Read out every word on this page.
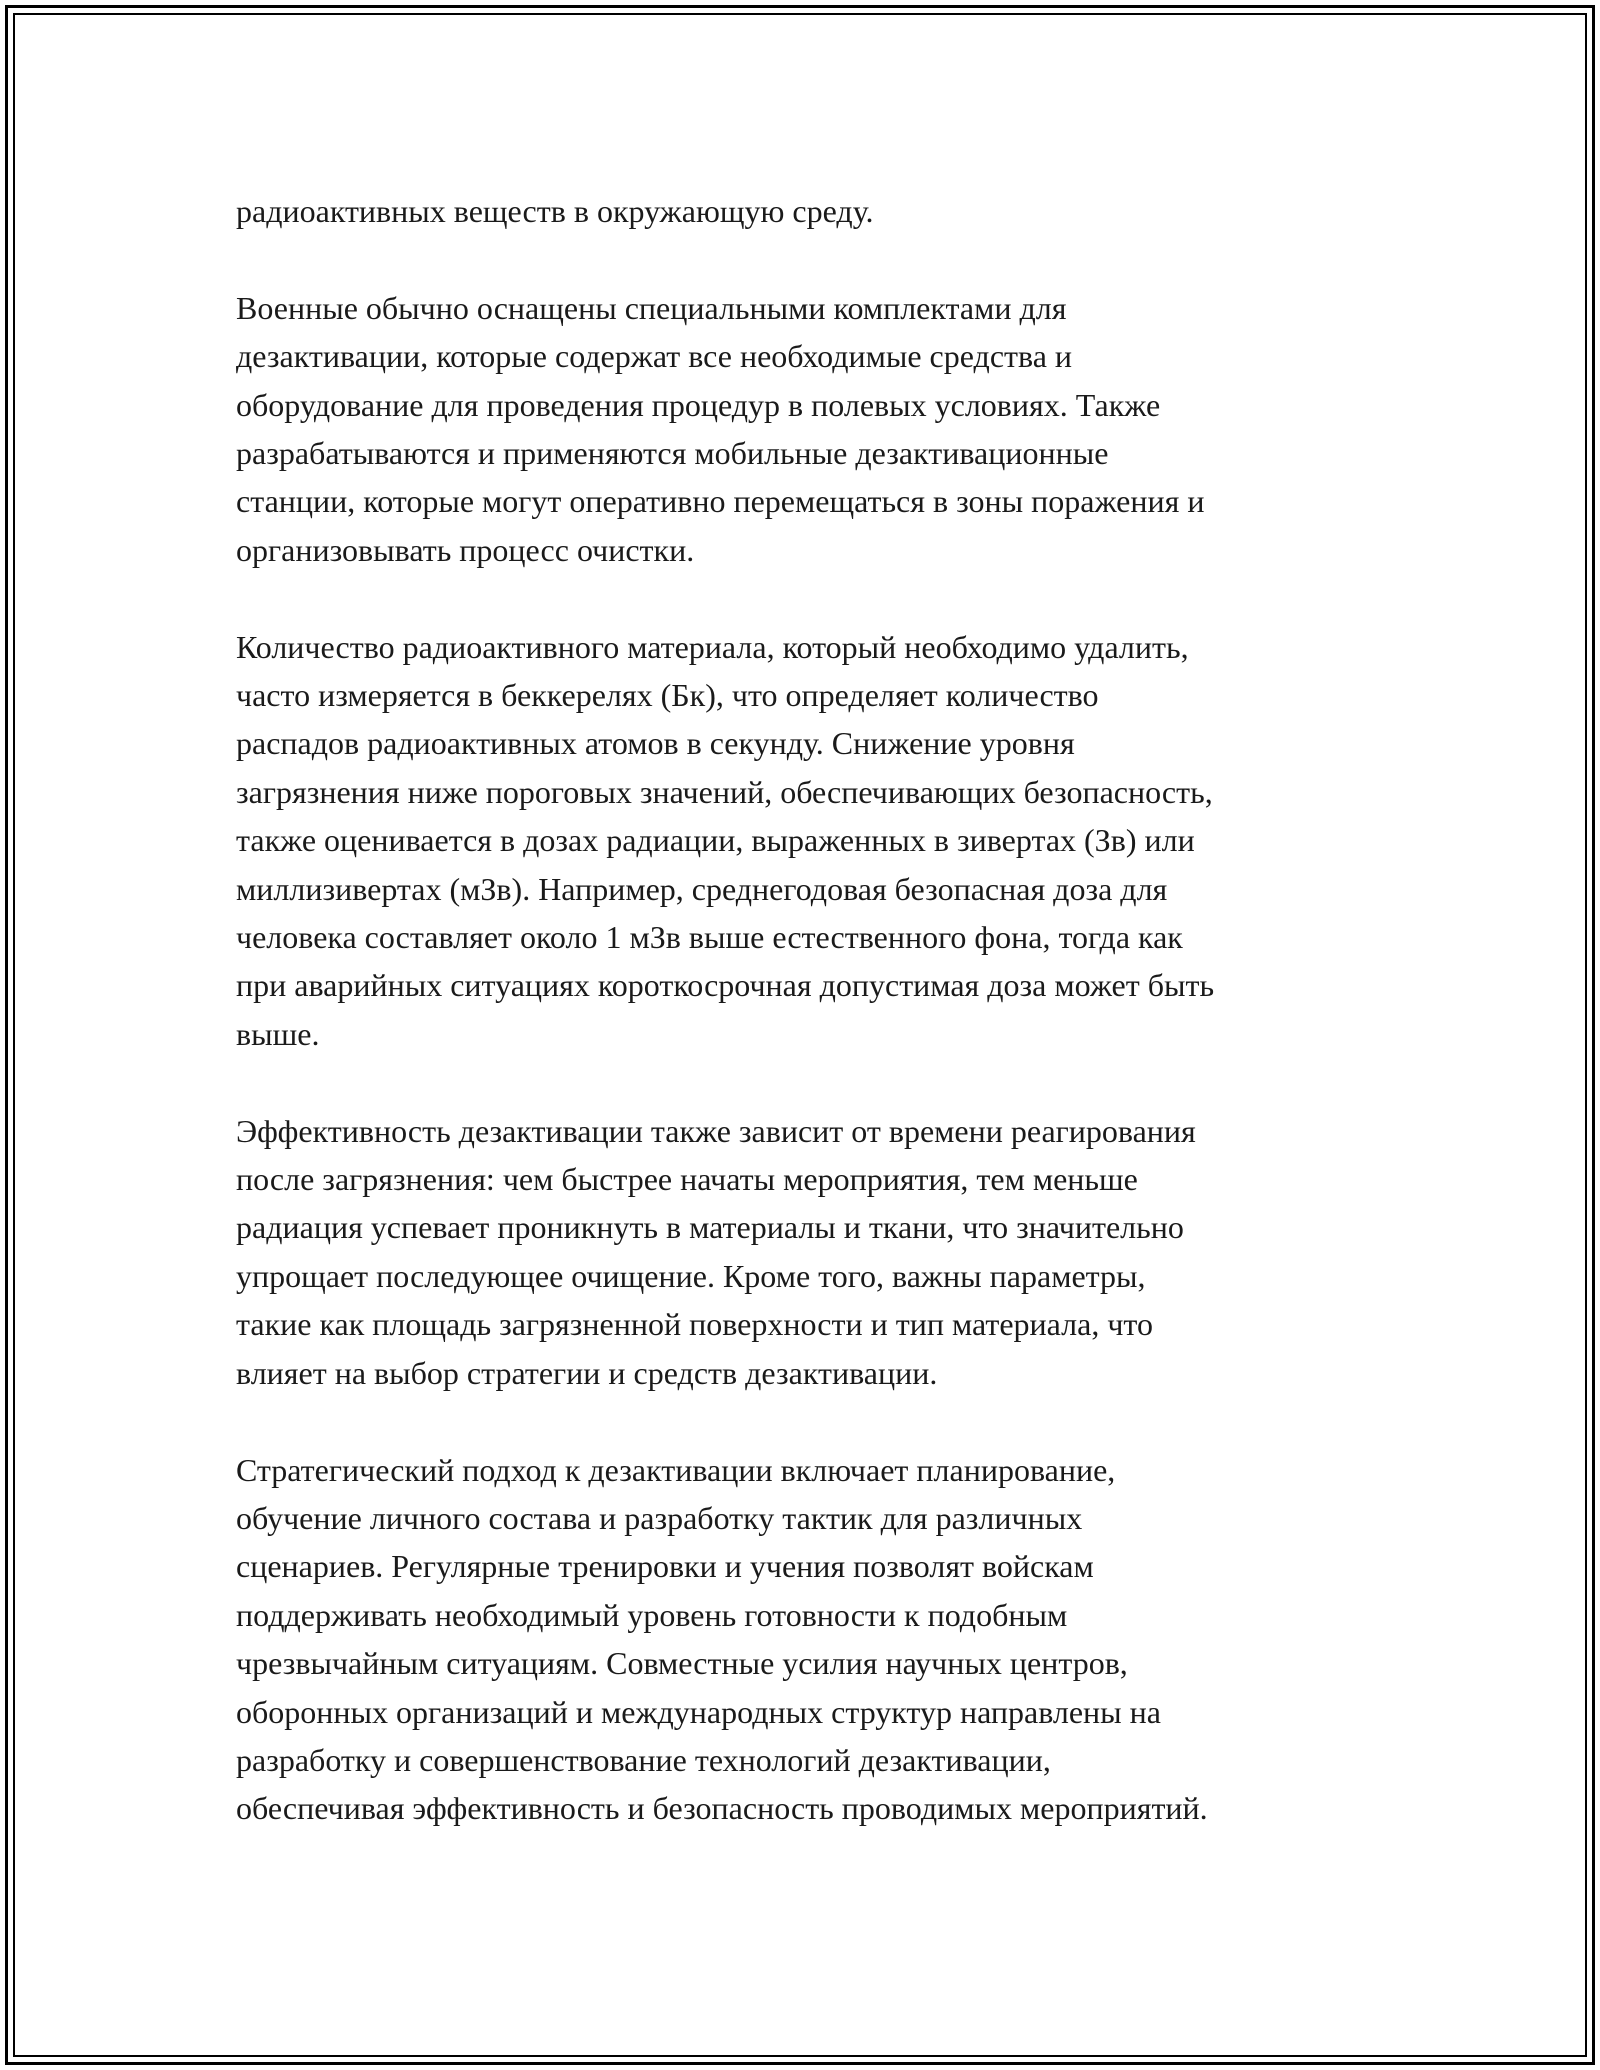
радиоактивных веществ в окружающую среду.

Военные обычно оснащены специальными комплектами для
дезактивации, которые содержат все необходимые средства и
оборудование для проведения процедур в полевых условиях. Также
разрабатываются и применяются мобильные дезактивационные
станции, которые могут оперативно перемещаться в зоны поражения и
организовывать процесс очистки.

Количество радиоактивного материала, который необходимо удалить,
часто измеряется в беккерелях (Бк), что определяет количество
распадов радиоактивных атомов в секунду. Снижение уровня
загрязнения ниже пороговых значений, обеспечивающих безопасность,
также оценивается в дозах радиации, выраженных в зивертах (Зв) или
миллизивертах (мЗв). Например, среднегодовая безопасная доза для
человека составляет около 1 мЗв выше естественного фона, тогда как
при аварийных ситуациях короткосрочная допустимая доза может быть
выше.

Эффективность дезактивации также зависит от времени реагирования
после загрязнения: чем быстрее начаты мероприятия, тем меньше
радиация успевает проникнуть в материалы и ткани, что значительно
упрощает последующее очищение. Кроме того, важны параметры,
такие как площадь загрязненной поверхности и тип материала, что
влияет на выбор стратегии и средств дезактивации.

Стратегический подход к дезактивации включает планирование,
обучение личного состава и разработку тактик для различных
сценариев. Регулярные тренировки и учения позволят войскам
поддерживать необходимый уровень готовности к подобным
чрезвычайным ситуациям. Совместные усилия научных центров,
оборонных организаций и международных структур направлены на
разработку и совершенствование технологий дезактивации,
обеспечивая эффективность и безопасность проводимых мероприятий.
